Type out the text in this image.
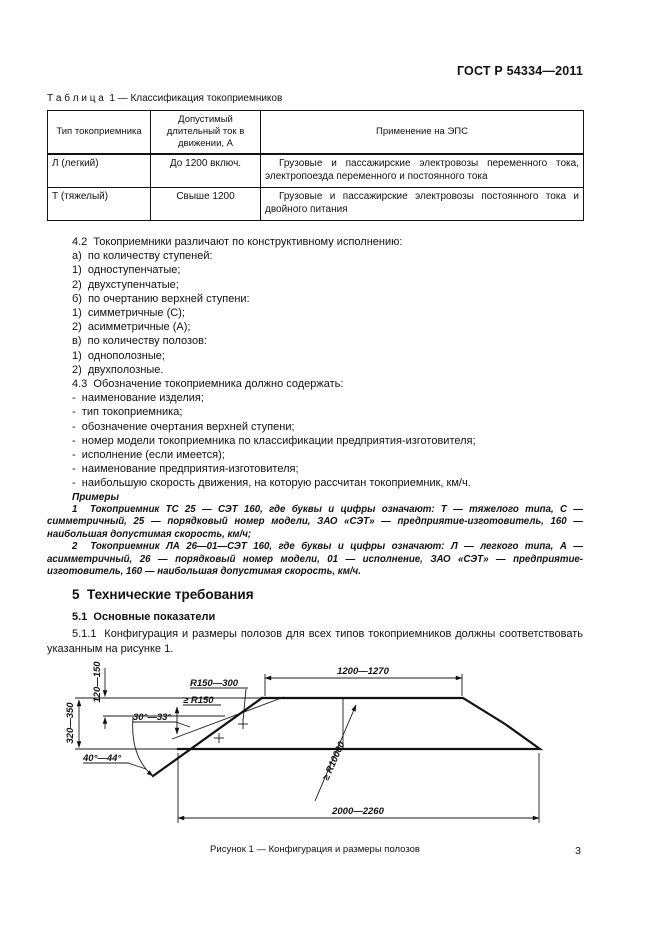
ГОСТ Р 54334—2011
Т а б л и ц а  1 — Классификация токоприемников
Тип токоприемника	Допустимый длительный ток в движении, А	Применение на ЭПС
Л (легкий)	До 1200 включ.	Грузовые и пассажирские электровозы переменного тока, электропоезда переменного и постоянного тока

Т (тяжелый)	Свыше 1200	Грузовые и пассажирские электровозы постоянного тока и двойного питания

4.2  Токоприемники различают по конструктивному исполнению:
а)  по количеству ступеней:
1)  одноступенчатые;
2)  двухступенчатые;
б)  по очертанию верхней ступени:
1)  симметричные (С);
2)  асимметричные (А);
в)  по количеству полозов:
1)  однополозные;
2)  двухполозные.
4.3  Обозначение токоприемника должно содержать:
-  наименование изделия;
-  тип токоприемника;
-  обозначение очертания верхней ступени;
-  номер модели токоприемника по классификации предприятия-изготовителя;
-  исполнение (если имеется);
-  наименование предприятия-изготовителя;
-  наибольшую скорость движения, на которую рассчитан токоприемник, км/ч.
Примеры

1  Токоприемник ТС 25 — СЭТ 160, где буквы и цифры означают: Т — тяжелого типа, С — симметричный, 25 — порядковый номер модели, ЗАО «СЭТ» — предприятие-изготовитель, 160 — наибольшая допустимая скорость, км/ч;

2  Токоприемник ЛА 26—01—СЭТ 160, где буквы и цифры означают: Л — легкого типа, А — асимметричный, 26 — порядковый номер модели, 01 — исполнение, ЗАО «СЭТ» — предприятие-изготовитель, 160 — наибольшая допустимая скорость, км/ч.

5  Технические требования
5.1  Основные показатели

5.1.1  Конфигурация и размеры полозов для всех типов токоприемников должны соответствовать указанным на рисунке 1.

1200—1270
2000—2260
120—150
320—350
R150—300
≥ R150
30°—33°
40°—44°	≥ R10000
Рисунок 1 — Конфигурация и размеры полозов	3
